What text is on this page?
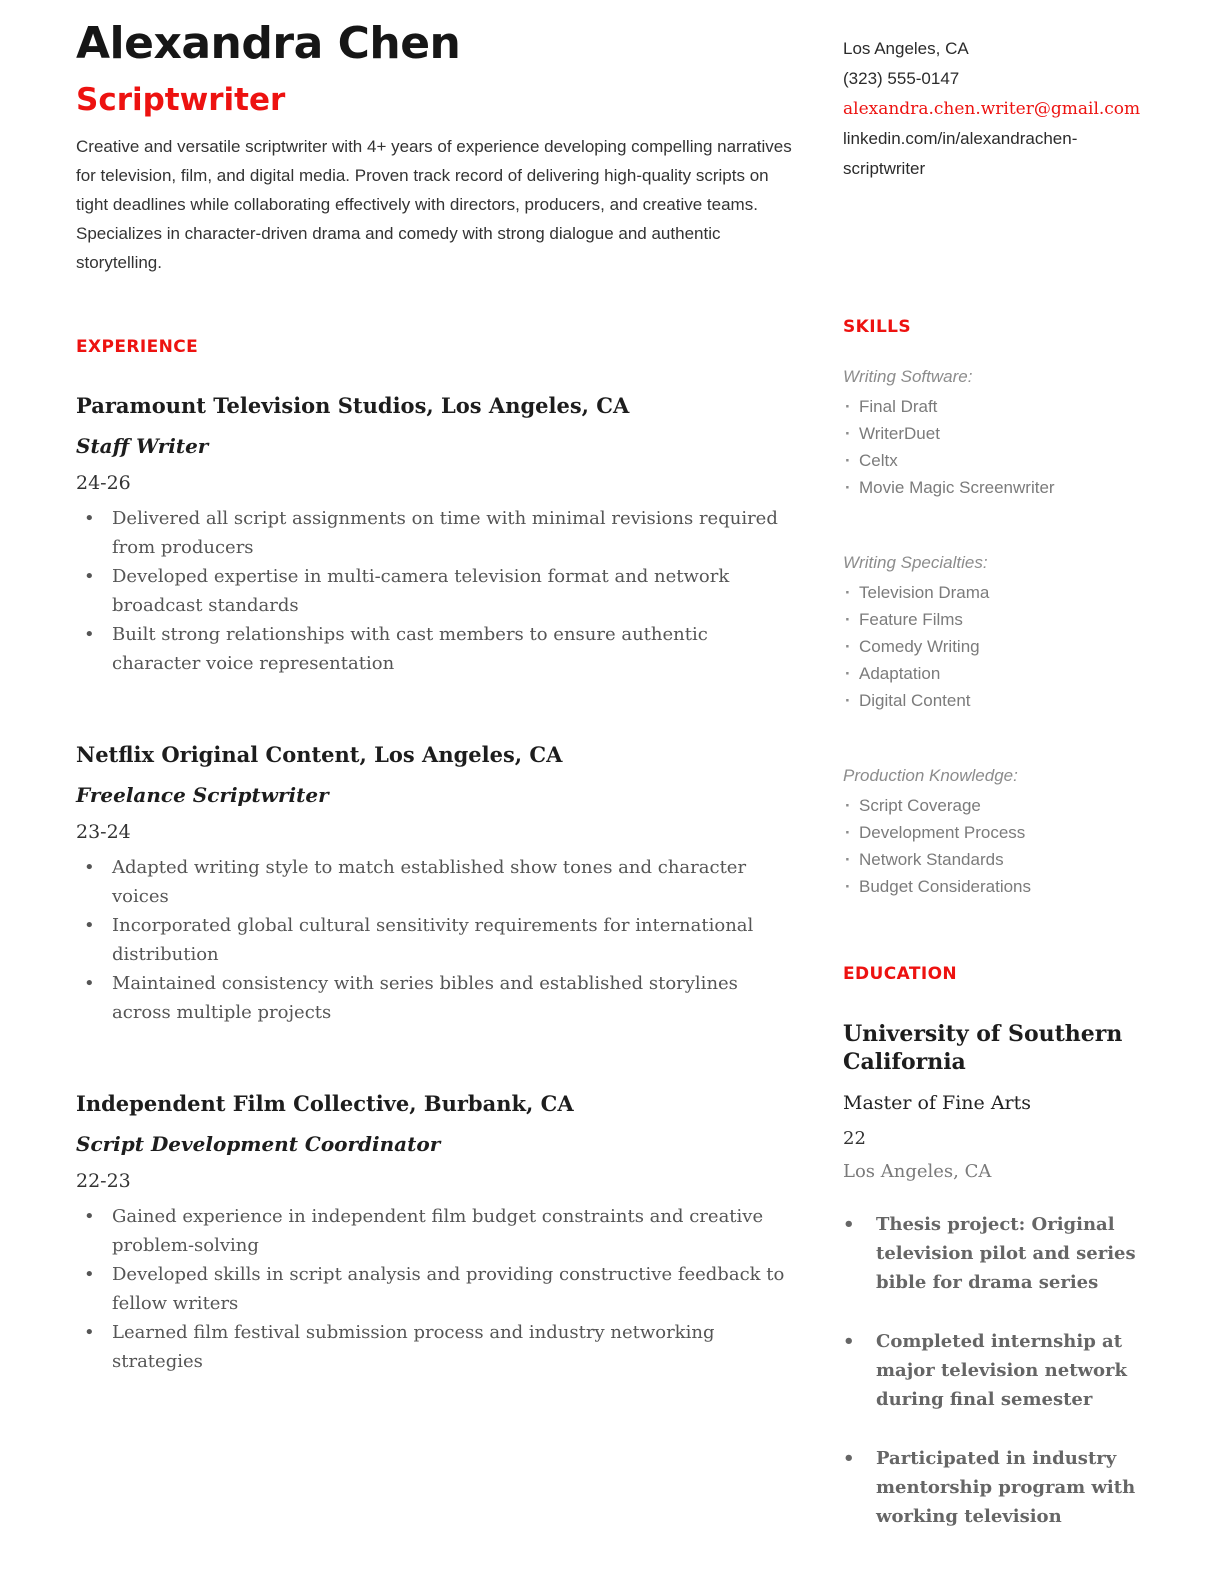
Alexandra Chen
Scriptwriter

Creative and versatile scriptwriter with 4+ years of experience developing compelling narratives for television, film, and digital media. Proven track record of delivering high-quality scripts on tight deadlines while collaborating effectively with directors, producers, and creative teams. Specializes in character-driven drama and comedy with strong dialogue and authentic storytelling.

EXPERIENCE
Paramount Television Studios, Los Angeles, CA
Staff Writer
24-26
• Delivered all script assignments on time with minimal revisions required from producers
• Developed expertise in multi-camera television format and network broadcast standards
• Built strong relationships with cast members to ensure authentic character voice representation
Netflix Original Content, Los Angeles, CA
Freelance Scriptwriter
23-24
• Adapted writing style to match established show tones and character voices
• Incorporated global cultural sensitivity requirements for international distribution
• Maintained consistency with series bibles and established storylines across multiple projects
Independent Film Collective, Burbank, CA
Script Development Coordinator
22-23
• Gained experience in independent film budget constraints and creative problem-solving
• Developed skills in script analysis and providing constructive feedback to fellow writers
• Learned film festival submission process and industry networking strategies
Los Angeles, CA
(323) 555-0147
alexandra.chen.writer@gmail.com
linkedin.com/in/alexandrachen-scriptwriter
SKILLS
Writing Software:
· Final Draft
· WriterDuet
· Celtx
· Movie Magic Screenwriter
Writing Specialties:
· Television Drama
· Feature Films
· Comedy Writing
· Adaptation
· Digital Content
Production Knowledge:
· Script Coverage
· Development Process
· Network Standards
· Budget Considerations
EDUCATION
University of Southern California
Master of Fine Arts
22
Los Angeles, CA
• Thesis project: Original television pilot and series bible for drama series
• Completed internship at major television network during final semester
• Participated in industry mentorship program with working television
